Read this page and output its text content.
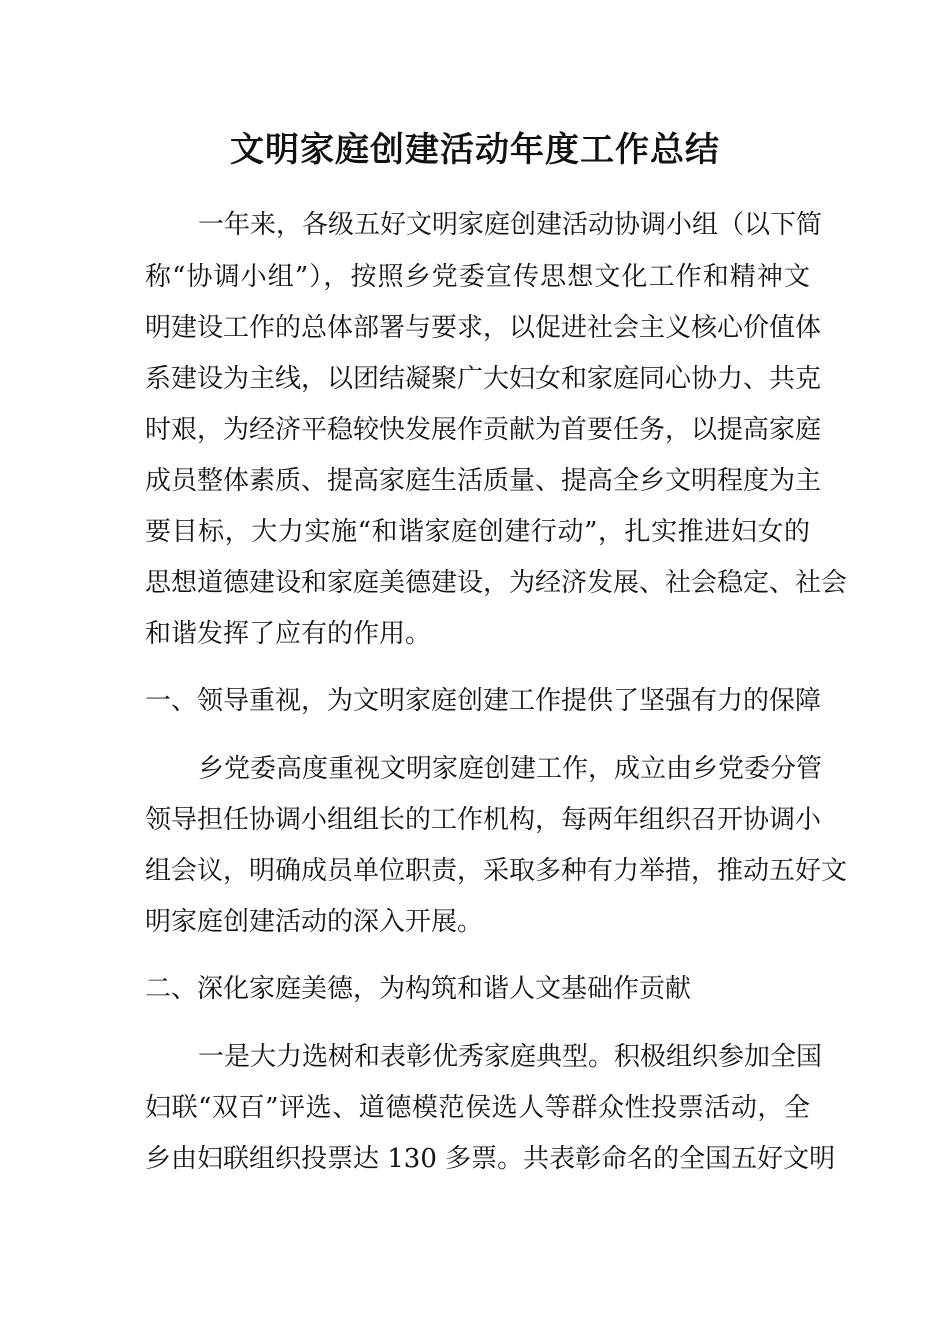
文明家庭创建活动年度工作总结
一年来，各级五好文明家庭创建活动协调小组（以下简
称“协调小组”），按照乡党委宣传思想文化工作和精神文
明建设工作的总体部署与要求，以促进社会主义核心价值体
系建设为主线，以团结凝聚广大妇女和家庭同心协力、共克
时艰，为经济平稳较快发展作贡献为首要任务，以提高家庭
成员整体素质、提高家庭生活质量、提高全乡文明程度为主
要目标，大力实施“和谐家庭创建行动”，扎实推进妇女的
思想道德建设和家庭美德建设，为经济发展、社会稳定、社会
和谐发挥了应有的作用。
一、领导重视，为文明家庭创建工作提供了坚强有力的保障
乡党委高度重视文明家庭创建工作，成立由乡党委分管
领导担任协调小组组长的工作机构，每两年组织召开协调小
组会议，明确成员单位职责，采取多种有力举措，推动五好文
明家庭创建活动的深入开展。
二、深化家庭美德，为构筑和谐人文基础作贡献
一是大力选树和表彰优秀家庭典型。积极组织参加全国
妇联“双百”评选、道德模范侯选人等群众性投票活动，全
乡由妇联组织投票达 130 多票。共表彰命名的全国五好文明
